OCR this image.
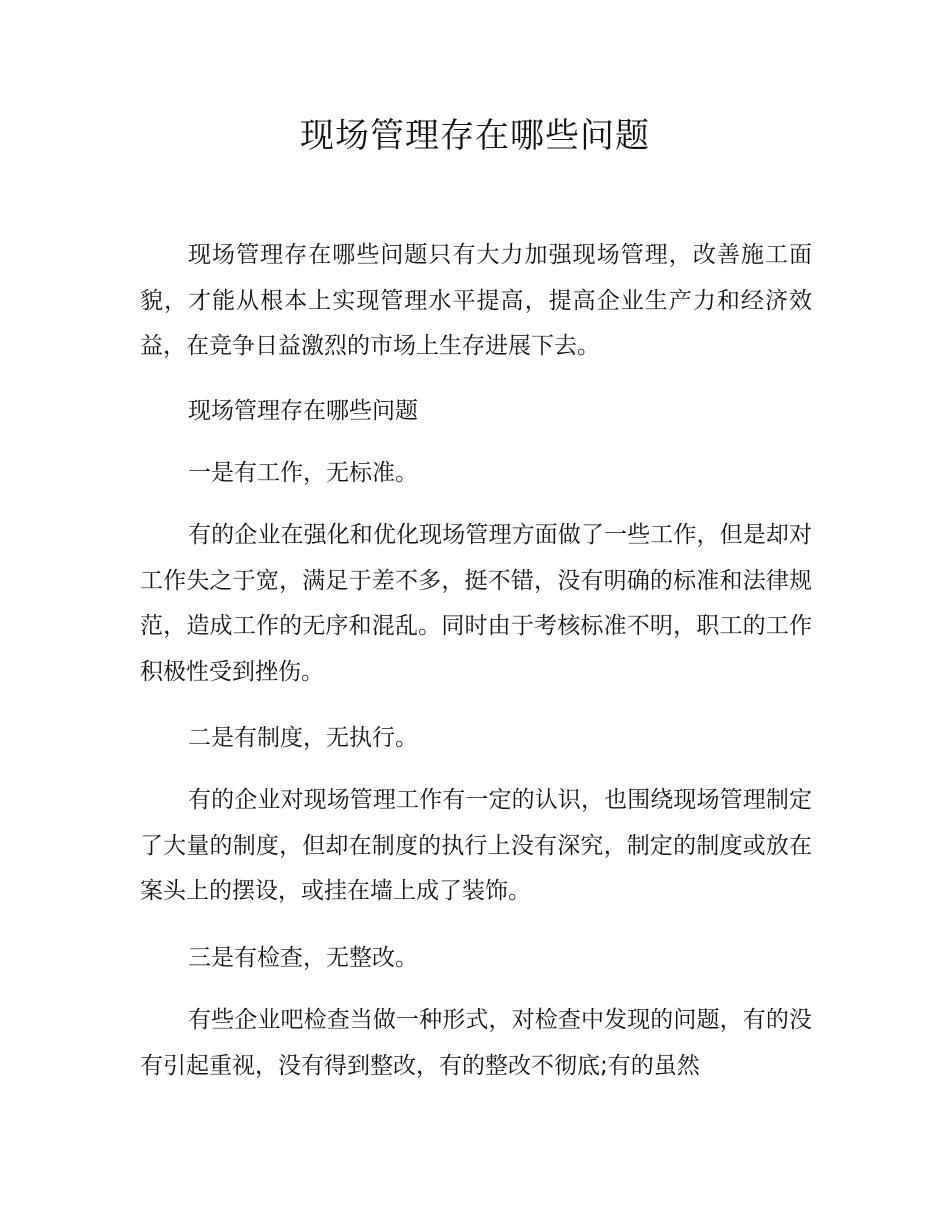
现场管理存在哪些问题

现场管理存在哪些问题只有大力加强现场管理，改善施工面貌，才能从根本上实现管理水平提高，提高企业生产力和经济效益，在竞争日益激烈的市场上生存进展下去。

现场管理存在哪些问题

一是有工作，无标准。

有的企业在强化和优化现场管理方面做了一些工作，但是却对工作失之于宽，满足于差不多，挺不错，没有明确的标准和法律规范，造成工作的无序和混乱。同时由于考核标准不明，职工的工作积极性受到挫伤。

二是有制度，无执行。

有的企业对现场管理工作有一定的认识，也围绕现场管理制定了大量的制度，但却在制度的执行上没有深究，制定的制度或放在案头上的摆设，或挂在墙上成了装饰。

三是有检查，无整改。

有些企业吧检查当做一种形式，对检查中发现的问题，有的没有引起重视，没有得到整改，有的整改不彻底;有的虽然
